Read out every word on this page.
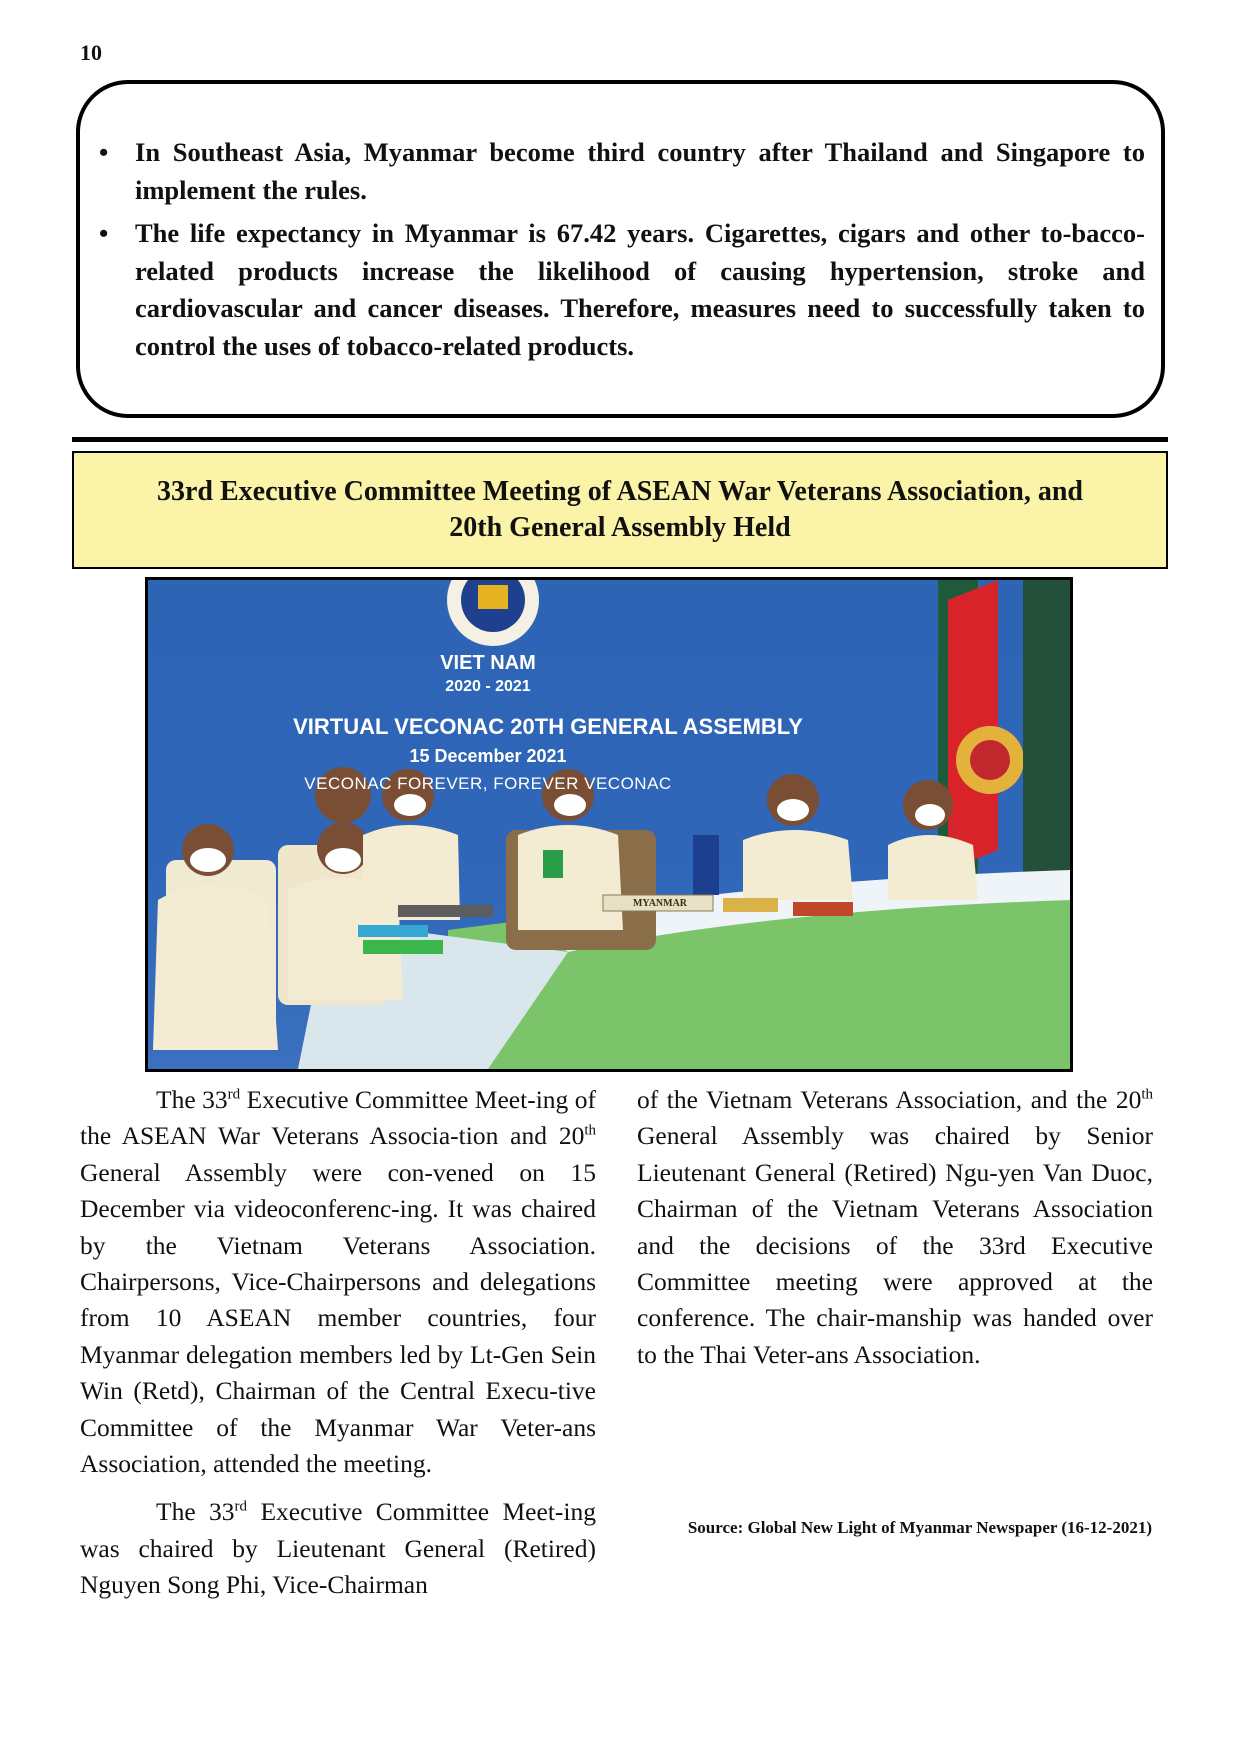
10
• In Southeast Asia, Myanmar become third country after Thailand and Singapore to implement the rules.
• The life expectancy in Myanmar is 67.42 years. Cigarettes, cigars and other to-bacco-related products increase the likelihood of causing hypertension, stroke and cardiovascular and cancer diseases. Therefore, measures need to successfully taken to control the uses of tobacco-related products.
33rd Executive Committee Meeting of ASEAN War Veterans Association, and
20th General Assembly Held
VIET NAM
2020 - 2021
VIRTUAL VECONAC 20TH GENERAL ASSEMBLY
15 December 2021
VECONAC FOREVER, FOREVER VECONAC
MYANMAR

The 33rd Executive Committee Meet-ing of the ASEAN War Veterans Associa-tion and 20th General Assembly were con-vened on 15 December via videoconferenc-ing. It was chaired by the Vietnam Veterans Association. Chairpersons, Vice-Chairpersons and delegations from 10 ASEAN member countries, four Myanmar delegation members led by Lt-Gen Sein Win (Retd), Chairman of the Central Execu-tive Committee of the Myanmar War Veter-ans Association, attended the meeting.

The 33rd Executive Committee Meet-ing was chaired by Lieutenant General (Retired) Nguyen Song Phi, Vice-Chairman

of the Vietnam Veterans Association, and the 20th General Assembly was chaired by Senior Lieutenant General (Retired) Ngu-yen Van Duoc, Chairman of the Vietnam Veterans Association and the decisions of the 33rd Executive Committee meeting were approved at the conference. The chair-manship was handed over to the Thai Veter-ans Association.

Source: Global New Light of Myanmar Newspaper (16-12-2021)
